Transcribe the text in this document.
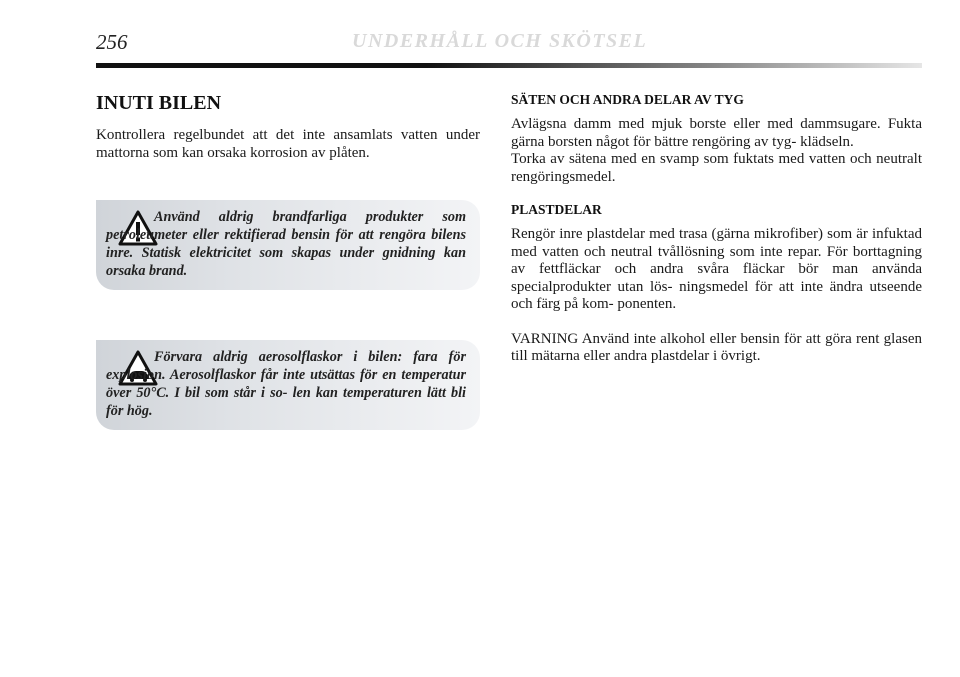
256	UNDERHÅLL OCH SKÖTSEL
INUTI BILEN

Kontrollera regelbundet att det inte ansamlats vatten under mattorna som kan orsaka korrosion av plåten.

Använd aldrig brandfarliga produkter som petroleumeter eller rektifierad bensin för att rengöra bilens inre. Statisk elektricitet som skapas under gnidning kan orsaka brand.
Förvara aldrig aerosolflaskor i bilen: fara för explosion. Aerosolflaskor får inte utsättas för en temperatur över 50°C. I bil som står i so- len kan temperaturen lätt bli för hög.
SÄTEN OCH ANDRA DELAR AV TYG

Avlägsna damm med mjuk borste eller med dammsugare. Fukta gärna borsten något för bättre rengöring av tyg- klädseln.

Torka av sätena med en svamp som fuktats med vatten och neutralt rengöringsmedel.

PLASTDELAR

Rengör inre plastdelar med trasa (gärna mikrofiber) som är infuktad med vatten och neutral tvållösning som inte repar. För borttagning av fettfläckar och andra svåra fläckar bör man använda specialprodukter utan lös- ningsmedel för att inte ändra utseende och färg på kom- ponenten.

VARNING Använd inte alkohol eller bensin för att göra rent glasen till mätarna eller andra plastdelar i övrigt.
